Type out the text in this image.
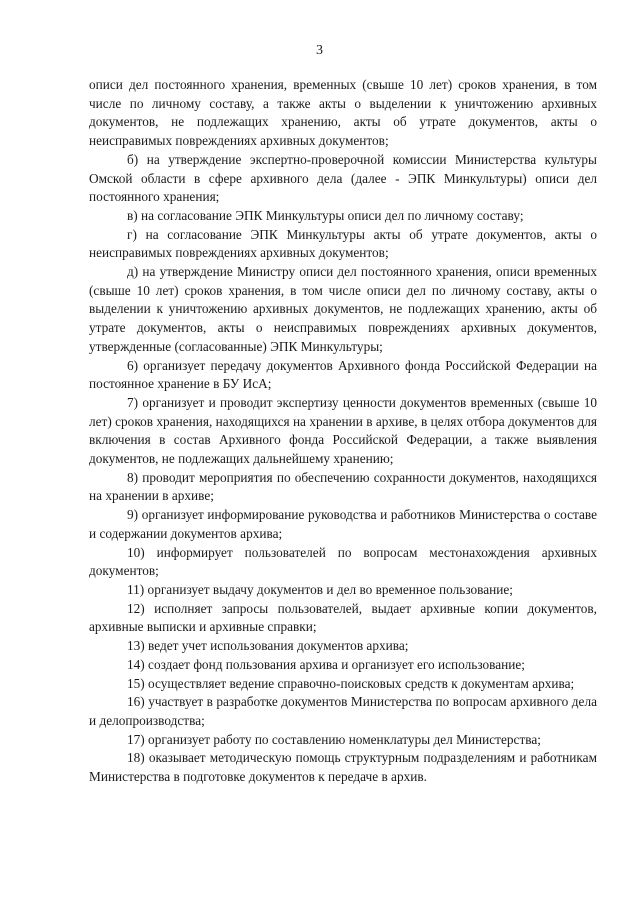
3

описи дел постоянного хранения, временных (свыше 10 лет) сроков хранения, в том числе по личному составу, а также акты о выделении к уничтожению архивных документов, не подлежащих хранению, акты об утрате документов, акты о неисправимых повреждениях архивных документов;

б) на утверждение экспертно-проверочной комиссии Министерства культуры Омской области в сфере архивного дела (далее - ЭПК Минкультуры) описи дел постоянного хранения;

в) на согласование ЭПК Минкультуры описи дел по личному составу;

г) на согласование ЭПК Минкультуры акты об утрате документов, акты о неисправимых повреждениях архивных документов;

д) на утверждение Министру описи дел постоянного хранения, описи временных (свыше 10 лет) сроков хранения, в том числе описи дел по личному составу, акты о выделении к уничтожению архивных документов, не подлежащих хранению, акты об утрате документов, акты о неисправимых повреждениях архивных документов, утвержденные (согласованные) ЭПК Минкультуры;

6) организует передачу документов Архивного фонда Российской Федерации на постоянное хранение в БУ ИсА;

7) организует и проводит экспертизу ценности документов временных (свыше 10 лет) сроков хранения, находящихся на хранении в архиве, в целях отбора документов для включения в состав Архивного фонда Российской Федерации, а также выявления документов, не подлежащих дальнейшему хранению;

8) проводит мероприятия по обеспечению сохранности документов, находящихся на хранении в архиве;

9) организует информирование руководства и работников Министерства о составе и содержании документов архива;

10) информирует пользователей по вопросам местонахождения архивных документов;

11) организует выдачу документов и дел во временное пользование;

12) исполняет запросы пользователей, выдает архивные копии документов, архивные выписки и архивные справки;

13) ведет учет использования документов архива;

14) создает фонд пользования архива и организует его использование;

15) осуществляет ведение справочно-поисковых средств к документам архива;

16) участвует в разработке документов Министерства по вопросам архивного дела и делопроизводства;

17) организует работу по составлению номенклатуры дел Министерства;

18) оказывает методическую помощь структурным подразделениям и работникам Министерства в подготовке документов к передаче в архив.
